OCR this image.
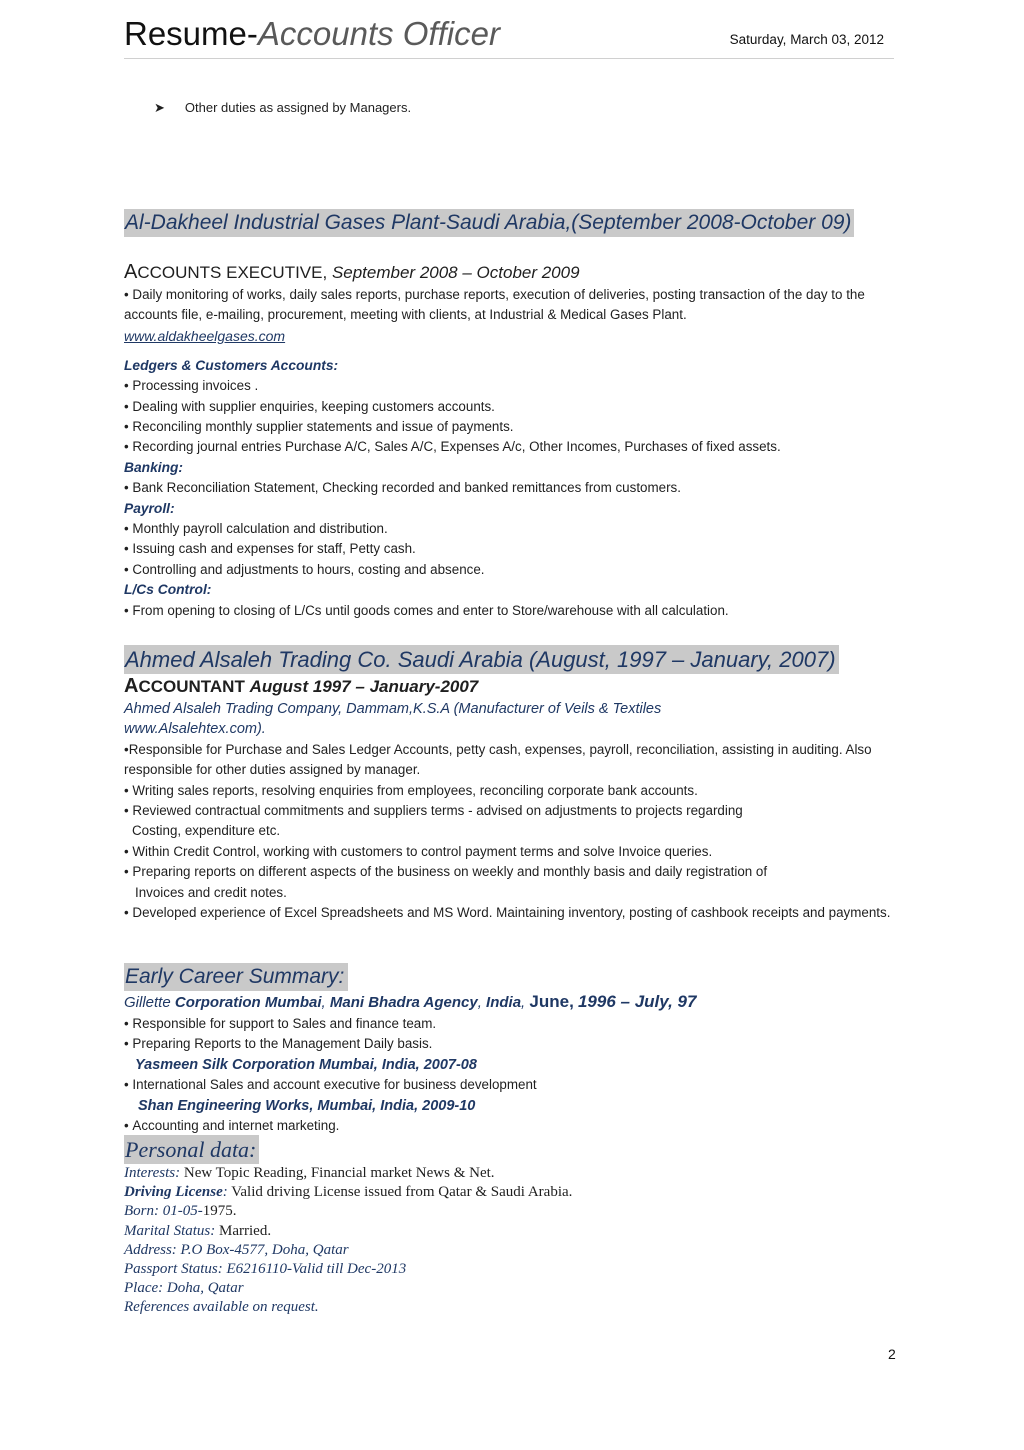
Resume-Accounts Officer	Saturday, March 03, 2012
➤ Other duties as assigned by Managers.
Al-Dakheel Industrial Gases Plant-Saudi Arabia,(September 2008-October 09)
ACCOUNTS EXECUTIVE, September 2008 – October 2009
• Daily monitoring of works, daily sales reports, purchase reports, execution of deliveries, posting transaction of the day to the accounts file, e-mailing, procurement, meeting with clients, at Industrial & Medical Gases Plant.
www.aldakheelgases.com
Ledgers & Customers Accounts:
• Processing invoices .
• Dealing with supplier enquiries, keeping customers accounts.
• Reconciling monthly supplier statements and issue of payments.
• Recording journal entries Purchase A/C, Sales A/C, Expenses A/c, Other Incomes, Purchases of fixed assets.
Banking:
• Bank Reconciliation Statement, Checking recorded and banked remittances from customers.
Payroll:
• Monthly payroll calculation and distribution.
• Issuing cash and expenses for staff, Petty cash.
• Controlling and adjustments to hours, costing and absence.
L/Cs Control:
• From opening to closing of L/Cs until goods comes and enter to Store/warehouse with all calculation.
Ahmed Alsaleh Trading Co. Saudi Arabia (August, 1997 – January, 2007)
ACCOUNTANT August 1997 – January-2007
Ahmed Alsaleh Trading Company, Dammam,K.S.A (Manufacturer of Veils & Textiles
www.Alsalehtex.com).
•Responsible for Purchase and Sales Ledger Accounts, petty cash, expenses, payroll, reconciliation, assisting in auditing. Also responsible for other duties assigned by manager.
• Writing sales reports, resolving enquiries from employees, reconciling corporate bank accounts.
• Reviewed contractual commitments and suppliers terms - advised on adjustments to projects regarding
Costing, expenditure etc.
• Within Credit Control, working with customers to control payment terms and solve Invoice queries.
• Preparing reports on different aspects of the business on weekly and monthly basis and daily registration of
Invoices and credit notes.
• Developed experience of Excel Spreadsheets and MS Word. Maintaining inventory, posting of cashbook receipts and payments.
Early Career Summary:
Gillette Corporation Mumbai, Mani Bhadra Agency, India, June, 1996 – July, 97
• Responsible for support to Sales and finance team.
• Preparing Reports to the Management Daily basis.
Yasmeen Silk Corporation Mumbai, India, 2007-08
• International Sales and account executive for business development
Shan Engineering Works, Mumbai, India, 2009-10
• Accounting and internet marketing.
Personal data:
Interests: New Topic Reading, Financial market News & Net.
Driving License: Valid driving License issued from Qatar & Saudi Arabia.
Born: 01-05-1975.
Marital Status: Married.
Address: P.O Box-4577, Doha, Qatar
Passport Status: E6216110-Valid till Dec-2013
Place: Doha, Qatar
References available on request.
2
